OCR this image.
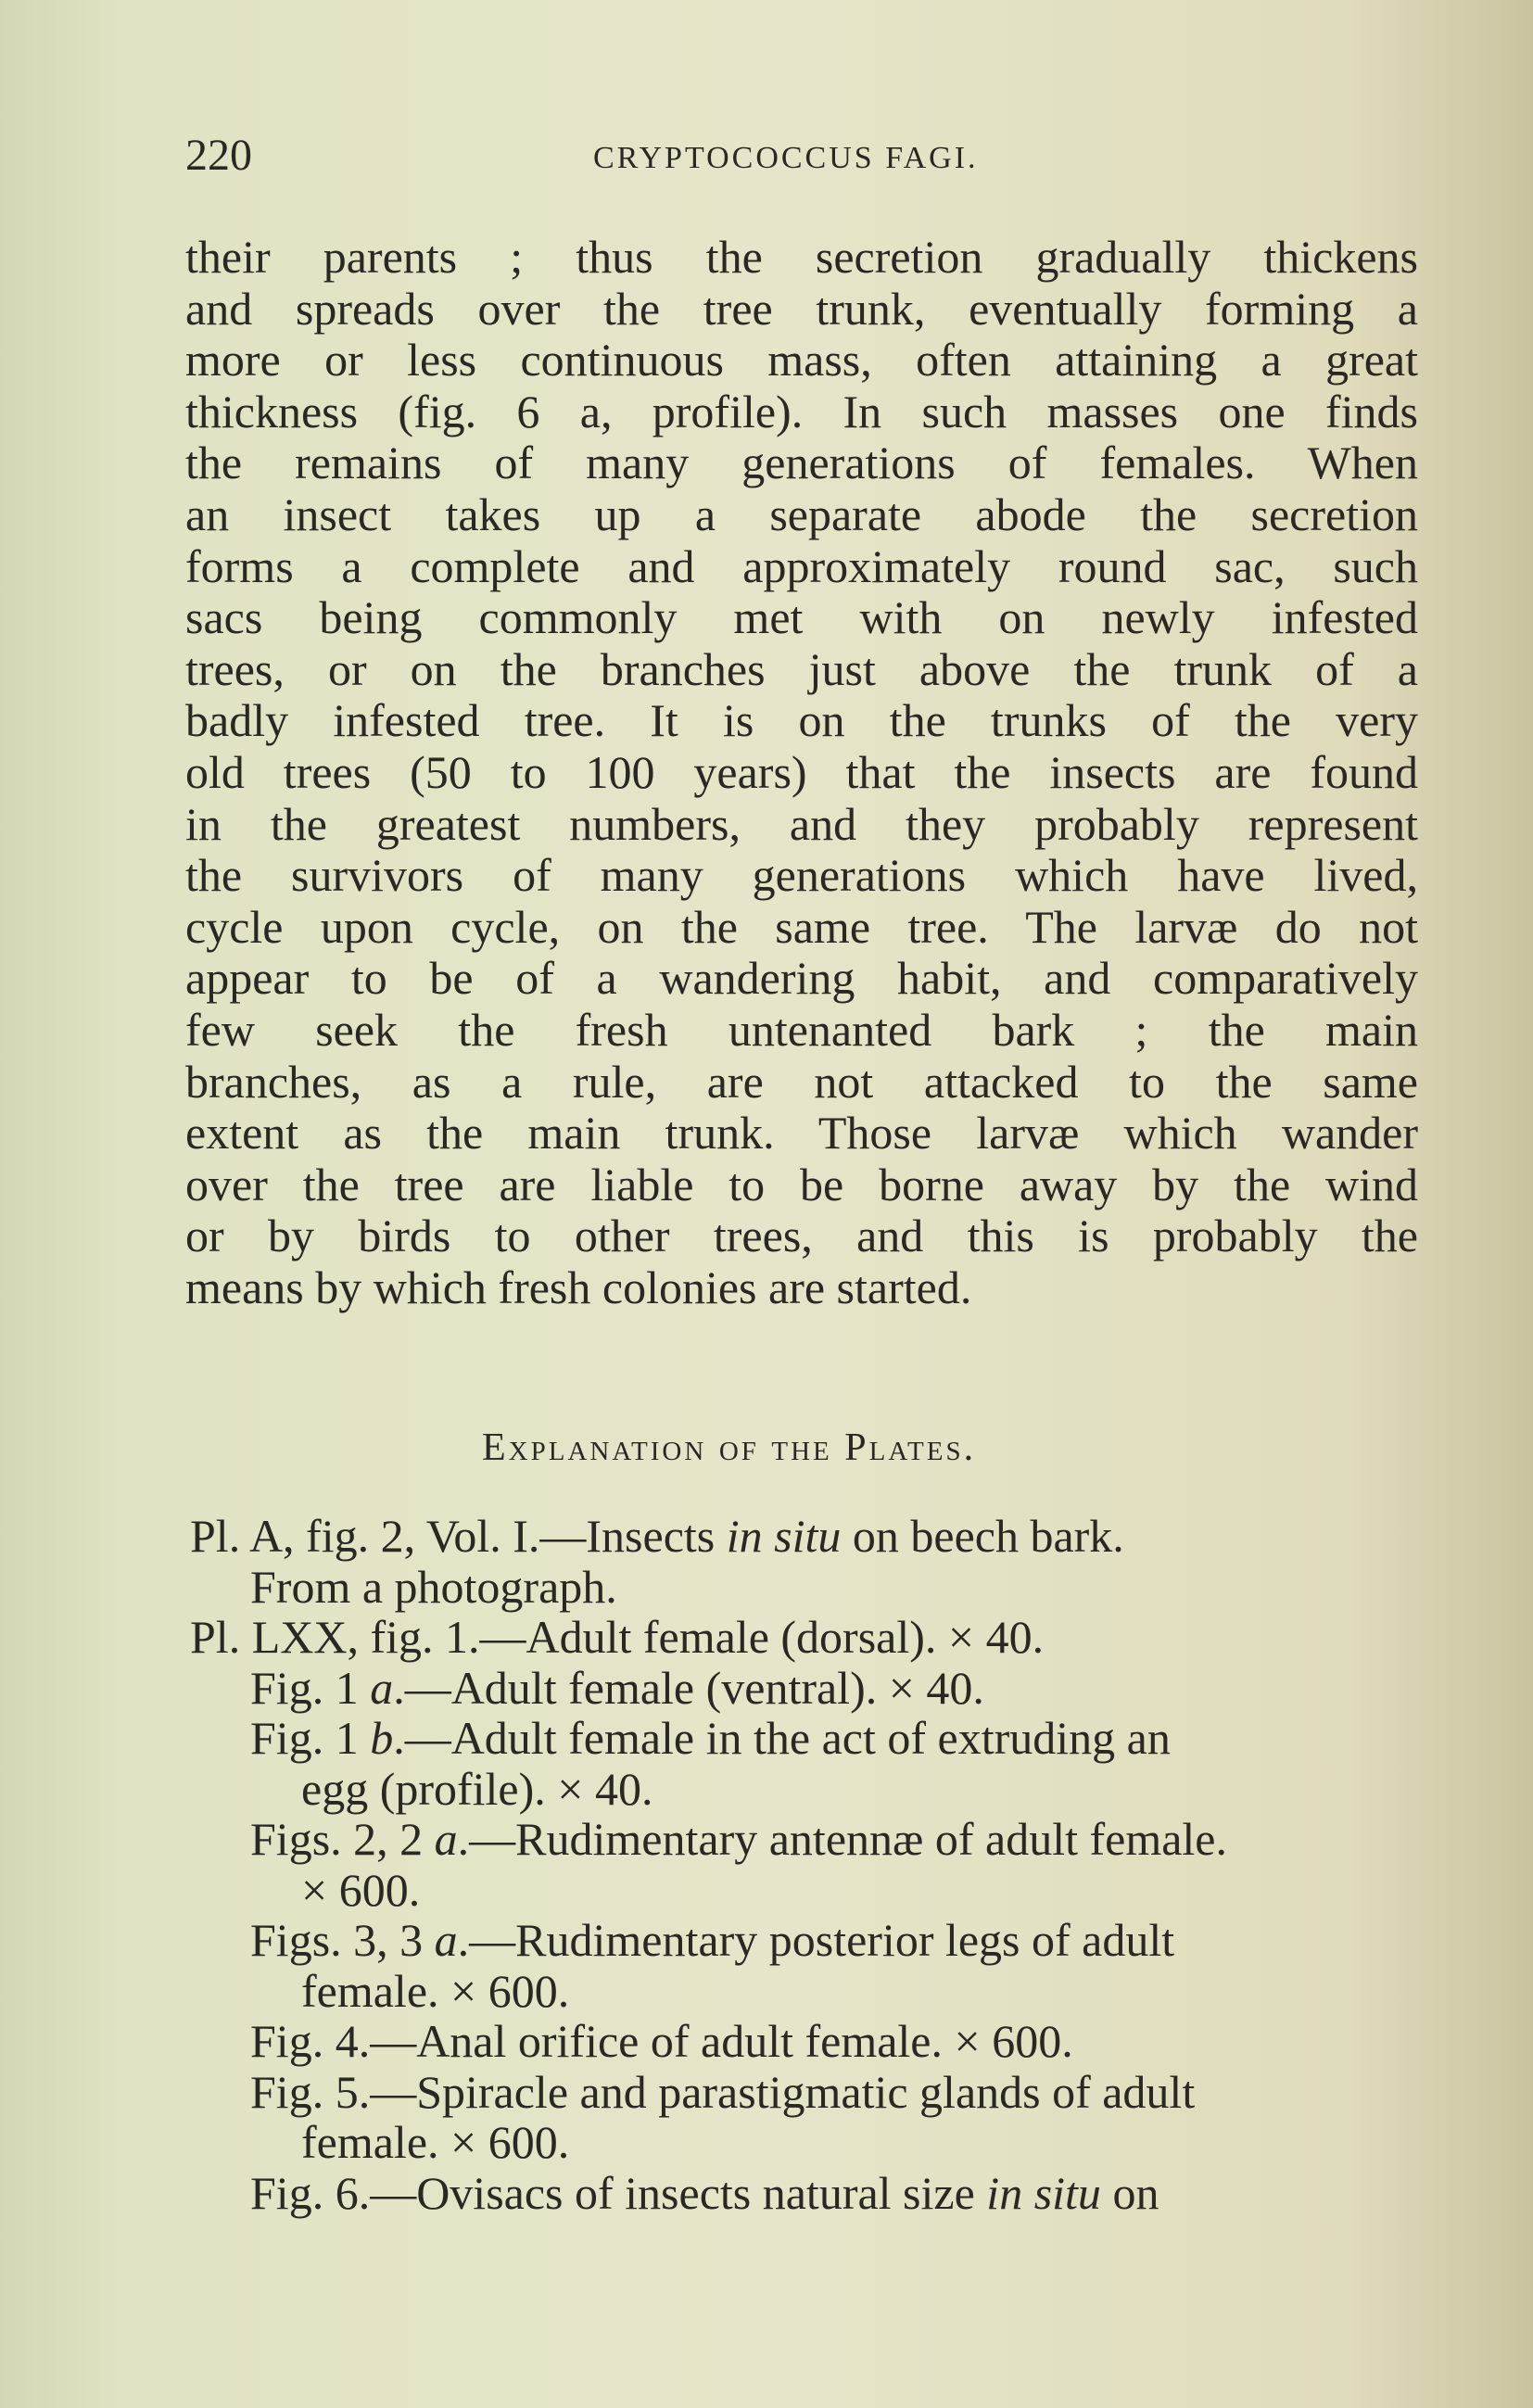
220	CRYPTOCOCCUS FAGI.
their parents ; thus the secretion gradually thickens
and spreads over the tree trunk, eventually forming a
more or less continuous mass, often attaining a great
thickness (fig. 6 a, profile). In such masses one finds
the remains of many generations of females. When
an insect takes up a separate abode the secretion
forms a complete and approximately round sac, such
sacs being commonly met with on newly infested
trees, or on the branches just above the trunk of a
badly infested tree. It is on the trunks of the very
old trees (50 to 100 years) that the insects are found
in the greatest numbers, and they probably represent
the survivors of many generations which have lived,
cycle upon cycle, on the same tree. The larvæ do not
appear to be of a wandering habit, and comparatively
few seek the fresh untenanted bark ; the main
branches, as a rule, are not attacked to the same
extent as the main trunk. Those larvæ which wander
over the tree are liable to be borne away by the wind
or by birds to other trees, and this is probably the
means by which fresh colonies are started.
Explanation of the Plates.
Pl. A, fig. 2, Vol. I.—Insects in situ on beech bark.
From a photograph.
Pl. LXX, fig. 1.—Adult female (dorsal). × 40.
Fig. 1 a.—Adult female (ventral). × 40.
Fig. 1 b.—Adult female in the act of extruding an
egg (profile). × 40.
Figs. 2, 2 a.—Rudimentary antennæ of adult female.
× 600.
Figs. 3, 3 a.—Rudimentary posterior legs of adult
female. × 600.
Fig. 4.—Anal orifice of adult female. × 600.
Fig. 5.—Spiracle and parastigmatic glands of adult
female. × 600.
Fig. 6.—Ovisacs of insects natural size in situ on
